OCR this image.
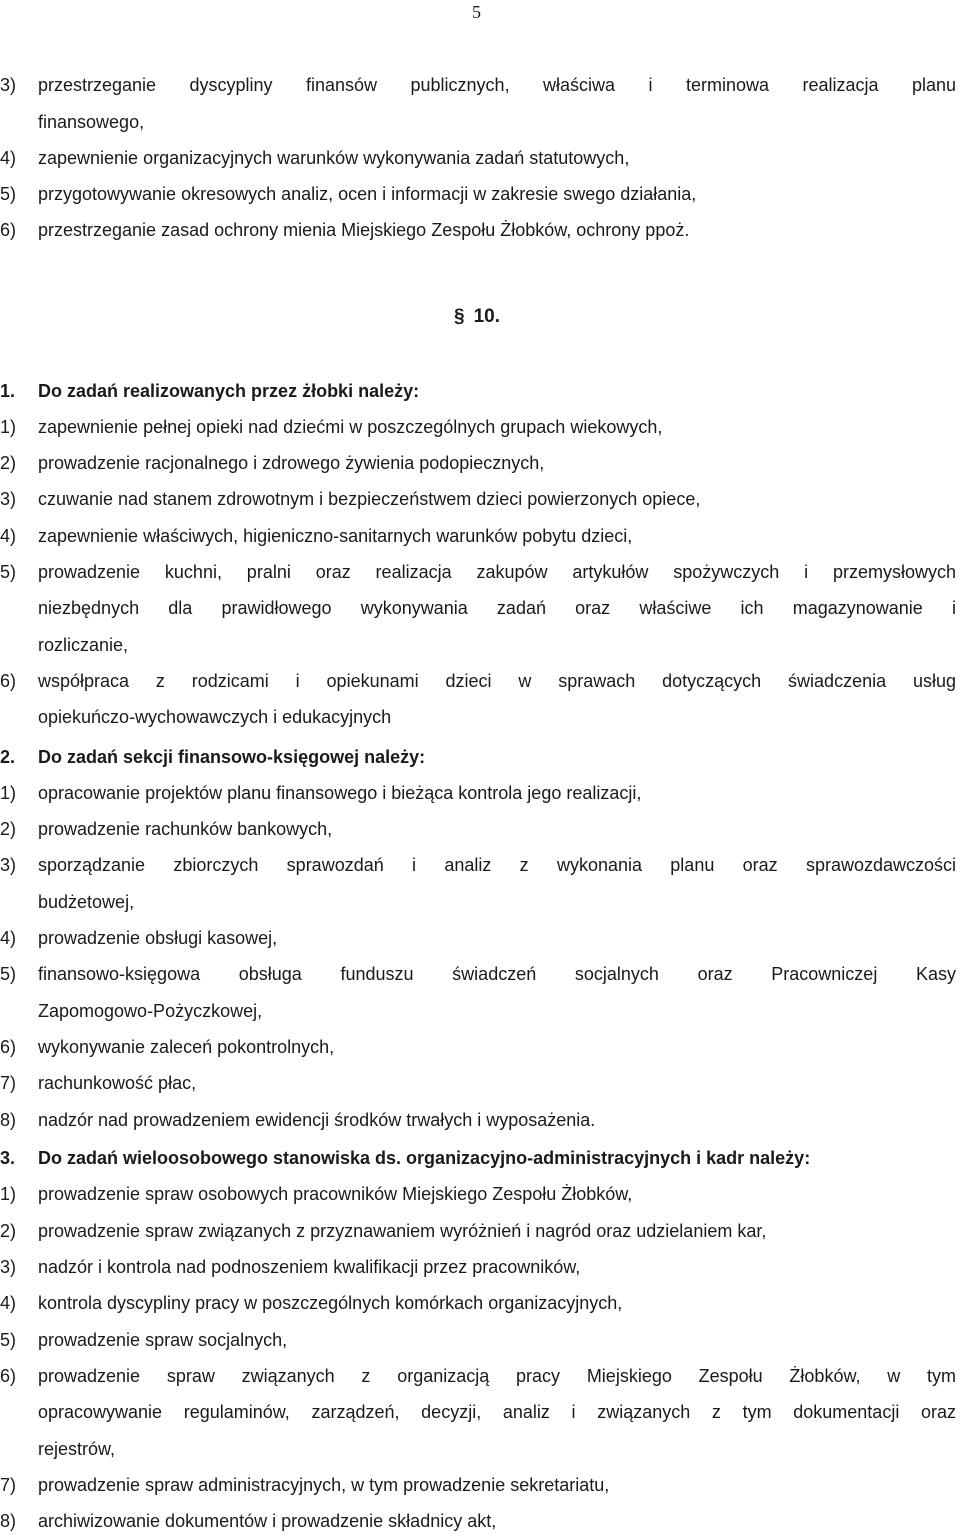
5
3) przestrzeganie dyscypliny finansów publicznych, właściwa i terminowa realizacja planu
finansowego,
4) zapewnienie organizacyjnych warunków wykonywania zadań statutowych,
5) przygotowywanie okresowych analiz, ocen i informacji w zakresie swego działania,
6) przestrzeganie zasad ochrony mienia Miejskiego Zespołu Żłobków, ochrony ppoż.
§ 10.
1. Do zadań realizowanych przez żłobki należy:
1) zapewnienie pełnej opieki nad dziećmi w poszczególnych grupach wiekowych,
2) prowadzenie racjonalnego i zdrowego żywienia podopiecznych,
3) czuwanie nad stanem zdrowotnym i bezpieczeństwem dzieci powierzonych opiece,
4) zapewnienie właściwych, higieniczno-sanitarnych warunków pobytu dzieci,
5) prowadzenie kuchni, pralni oraz realizacja zakupów artykułów spożywczych i przemysłowych
niezbędnych dla prawidłowego wykonywania zadań oraz właściwe ich magazynowanie i
rozliczanie,
6) współpraca z rodzicami i opiekunami dzieci w sprawach dotyczących świadczenia usług
opiekuńczo-wychowawczych i edukacyjnych
2. Do zadań sekcji finansowo-księgowej należy:
1) opracowanie projektów planu finansowego i bieżąca kontrola jego realizacji,
2) prowadzenie rachunków bankowych,
3) sporządzanie zbiorczych sprawozdań i analiz z wykonania planu oraz sprawozdawczości
budżetowej,
4) prowadzenie obsługi kasowej,
5) finansowo-księgowa obsługa funduszu świadczeń socjalnych oraz Pracowniczej Kasy
Zapomogowo-Pożyczkowej,
6) wykonywanie zaleceń pokontrolnych,
7) rachunkowość płac,
8) nadzór nad prowadzeniem ewidencji środków trwałych i wyposażenia.
3. Do zadań wieloosobowego stanowiska ds. organizacyjno-administracyjnych i kadr należy:
1) prowadzenie spraw osobowych pracowników Miejskiego Zespołu Żłobków,
2) prowadzenie spraw związanych z przyznawaniem wyróżnień i nagród oraz udzielaniem kar,
3) nadzór i kontrola nad podnoszeniem kwalifikacji przez pracowników,
4) kontrola dyscypliny pracy w poszczególnych komórkach organizacyjnych,
5) prowadzenie spraw socjalnych,
6) prowadzenie spraw związanych z organizacją pracy Miejskiego Zespołu Żłobków, w tym
opracowywanie regulaminów, zarządzeń, decyzji, analiz i związanych z tym dokumentacji oraz
rejestrów,
7) prowadzenie spraw administracyjnych, w tym prowadzenie sekretariatu,
8) archiwizowanie dokumentów i prowadzenie składnicy akt,
